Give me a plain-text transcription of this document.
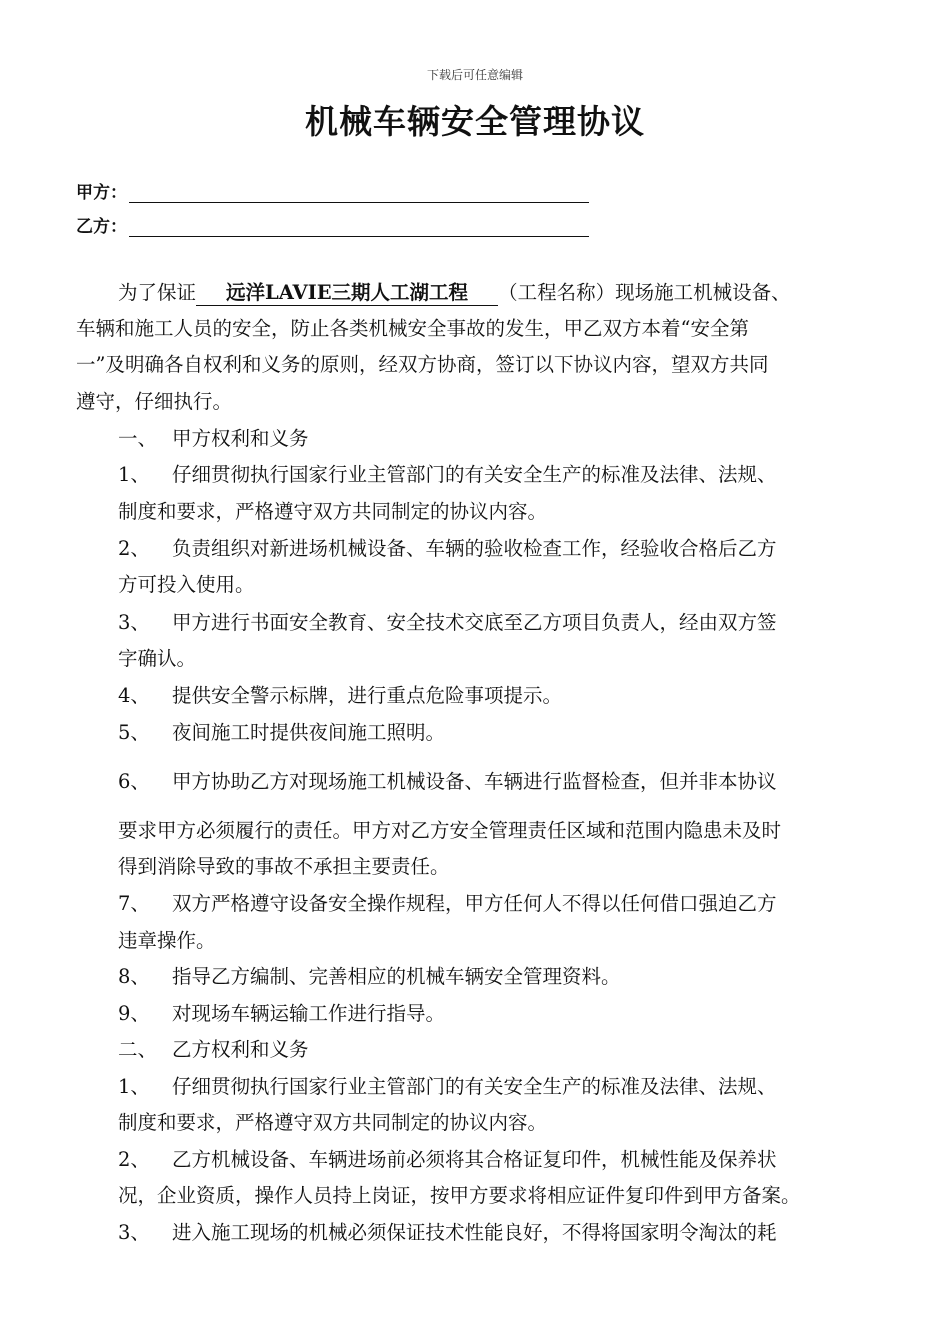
下载后可任意编辑
机械车辆安全管理协议
甲方：
乙方：
为了保证 远洋LAVIE三期人工湖工程 （工程名称）现场施工机械设备、
车辆和施工人员的安全，防止各类机械安全事故的发生，甲乙双方本着“安全第
一”及明确各自权利和义务的原则，经双方协商，签订以下协议内容，望双方共同
遵守，仔细执行。
一、 甲方权利和义务
1、 仔细贯彻执行国家行业主管部门的有关安全生产的标准及法律、法规、
制度和要求，严格遵守双方共同制定的协议内容。
2、 负责组织对新进场机械设备、车辆的验收检查工作，经验收合格后乙方
方可投入使用。
3、 甲方进行书面安全教育、安全技术交底至乙方项目负责人，经由双方签
字确认。
4、 提供安全警示标牌，进行重点危险事项提示。
5、 夜间施工时提供夜间施工照明。
6、 甲方协助乙方对现场施工机械设备、车辆进行监督检查，但并非本协议
要求甲方必须履行的责任。甲方对乙方安全管理责任区域和范围内隐患未及时
得到消除导致的事故不承担主要责任。
7、 双方严格遵守设备安全操作规程，甲方任何人不得以任何借口强迫乙方
违章操作。
8、 指导乙方编制、完善相应的机械车辆安全管理资料。
9、 对现场车辆运输工作进行指导。
二、 乙方权利和义务
1、 仔细贯彻执行国家行业主管部门的有关安全生产的标准及法律、法规、
制度和要求，严格遵守双方共同制定的协议内容。
2、 乙方机械设备、车辆进场前必须将其合格证复印件，机械性能及保养状
况，企业资质，操作人员持上岗证，按甲方要求将相应证件复印件到甲方备案。
3、 进入施工现场的机械必须保证技术性能良好，不得将国家明令淘汰的耗
